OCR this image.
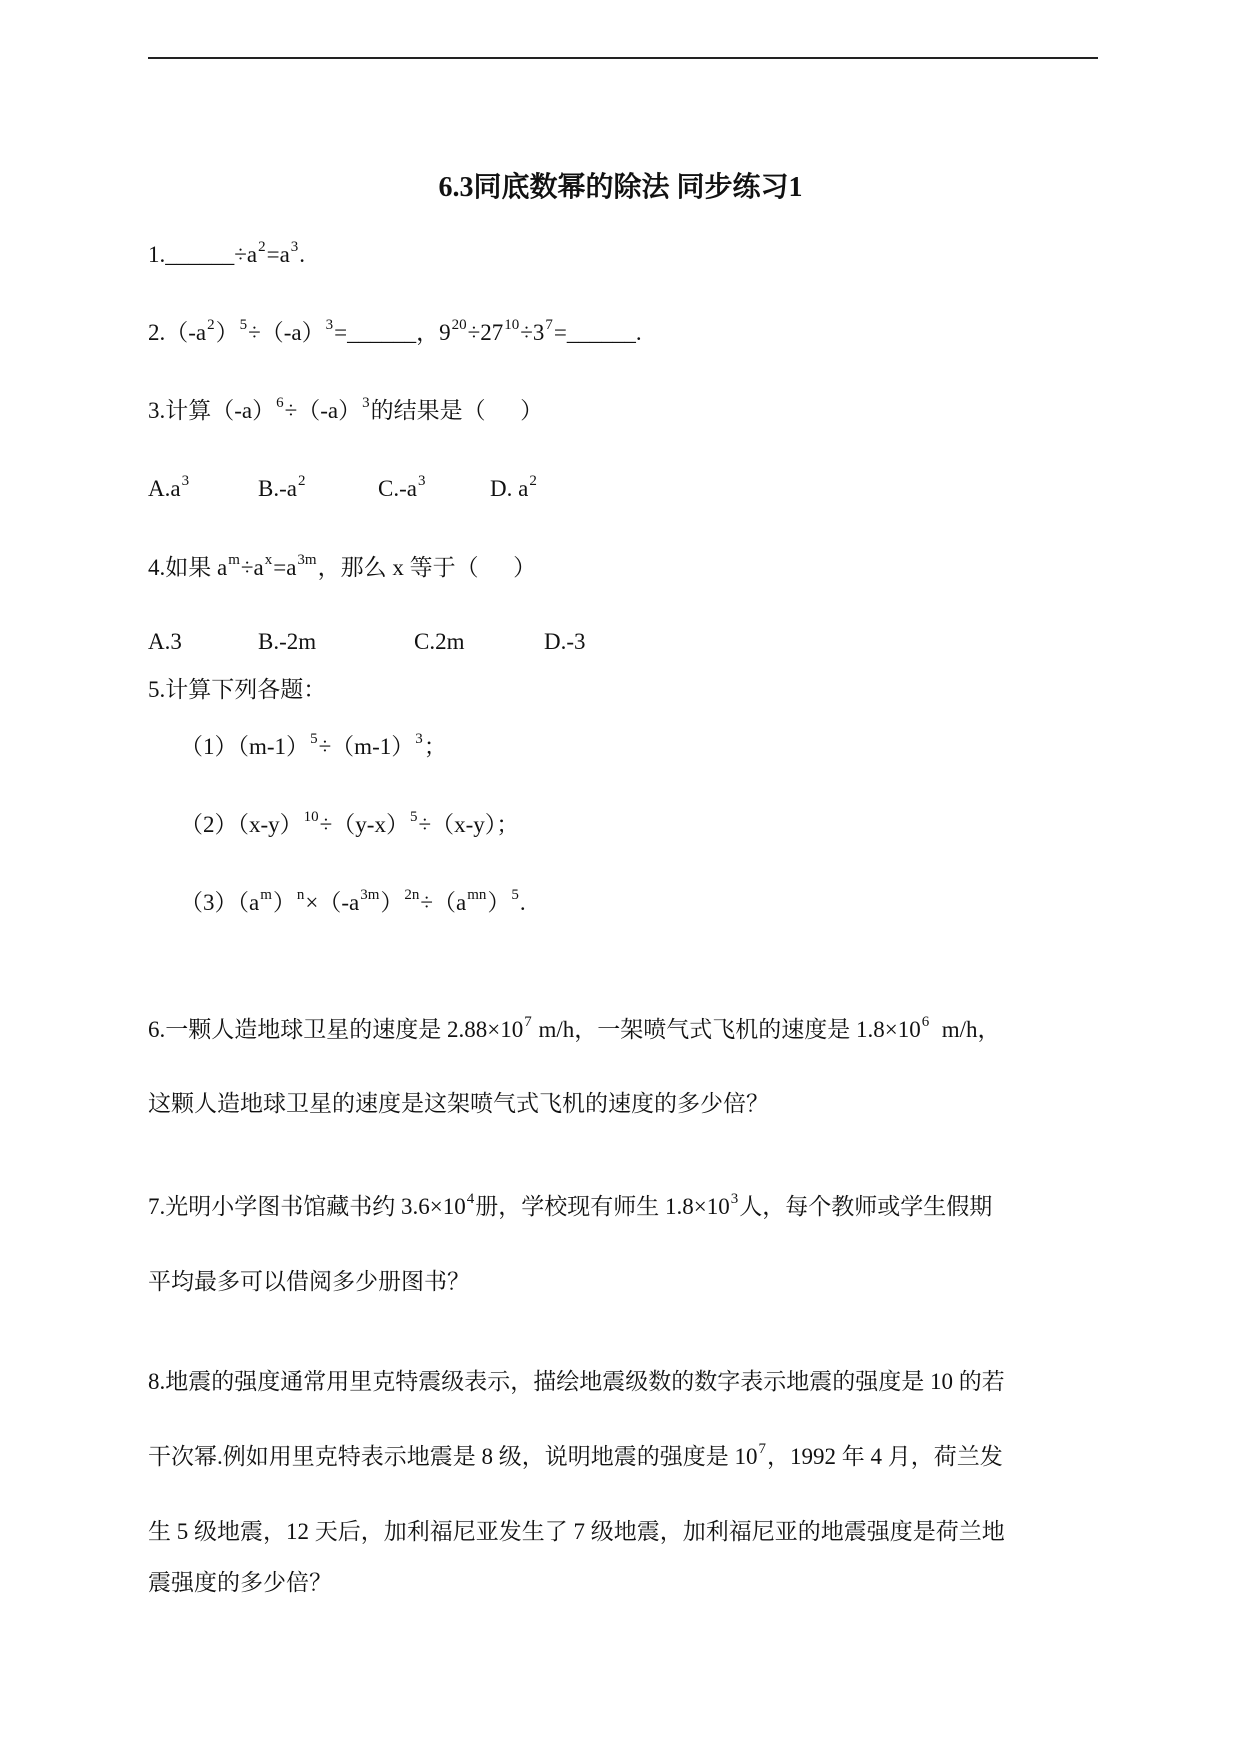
6.3同底数幂的除法 同步练习1
$1.\_\_\_\_\_\_\div a^2=a^3$.
$2.(-a^2)^5\div(-a)^3=\_\_\_\_\_\_$，$9^{20}\div 27^{10}\div 3^7=\_\_\_\_\_\_$.
3.计算$(-a)^6\div(-a)^3$的结果是（      ）
$A.a^3$	$B.-a^2$	$C.-a^3$	D. $a^2$
4.如果 $a^m\div a^x=a^{3m}$，那么 x 等于（      ）
A.3	B.-2m	C.2m	D.-3
5.计算下列各题：
$(1)(m-1)^5\div(m-1)^3$；
$(2)(x-y)^{10}\div(y-x)^5\div(x-y)$；
$(3)(a^m)^n\times(-a^{3m})^{2n}\div(a^{mn})^5$.
6.一颗人造地球卫星的速度是 $2.88\times 10^7$ m/h，一架喷气式飞机的速度是 $1.8\times 10^6$  m/h，
这颗人造地球卫星的速度是这架喷气式飞机的速度的多少倍？
7.光明小学图书馆藏书约 $3.6\times 10^4$册，学校现有师生 $1.8\times 10^3$人，每个教师或学生假期
平均最多可以借阅多少册图书？
8.地震的强度通常用里克特震级表示，描绘地震级数的数字表示地震的强度是 10 的若
干次幂.例如用里克特表示地震是 8 级，说明地震的强度是 $10^7$，1992 年 4 月，荷兰发
生 5 级地震，12 天后，加利福尼亚发生了 7 级地震，加利福尼亚的地震强度是荷兰地
震强度的多少倍？
